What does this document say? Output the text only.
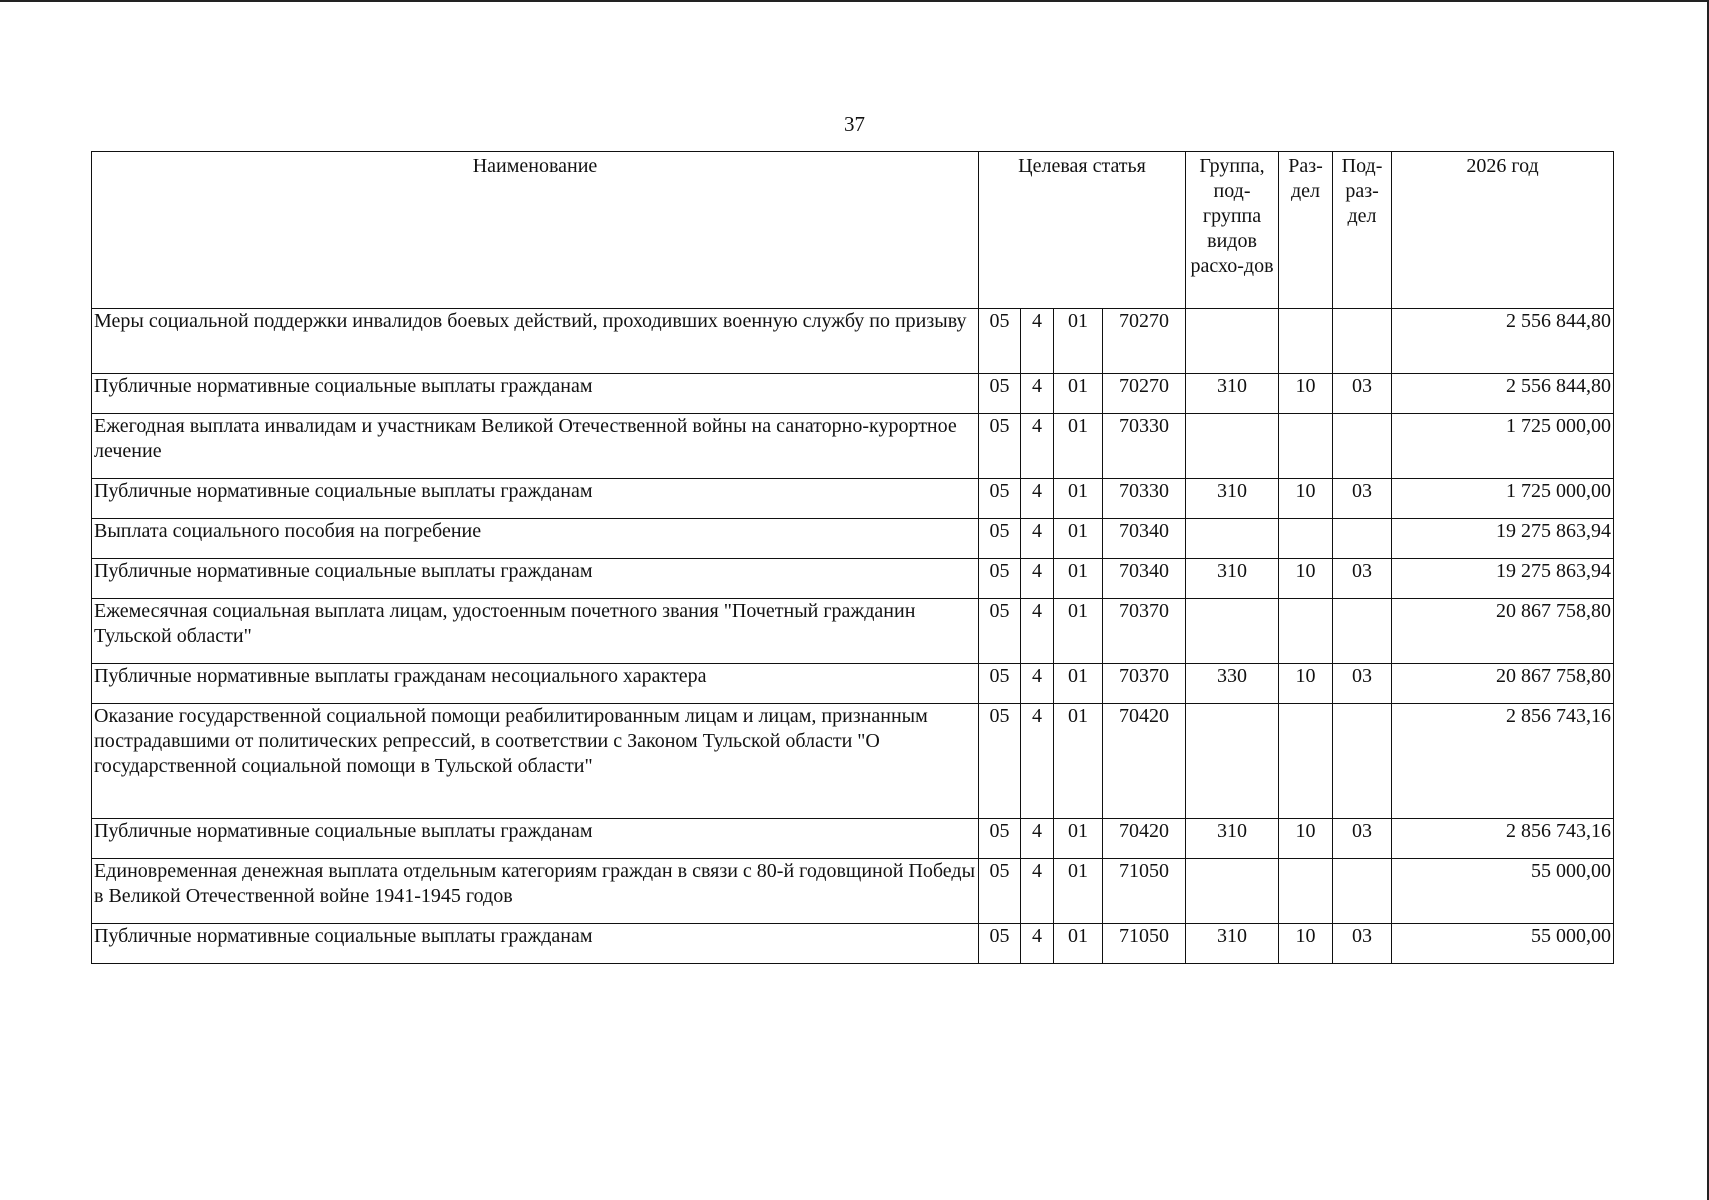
37
Наименование	Целевая статья				Группа, под-группа видов расхо-дов	Раз-дел	Под-раз-дел	2026 год
Меры социальной поддержки инвалидов боевых действий, проходивших военную службу по призыву	05	4	01	70270				2 556 844,80
Публичные нормативные социальные выплаты гражданам	05	4	01	70270	310	10	03	2 556 844,80
Ежегодная выплата инвалидам и участникам Великой Отечественной войны на санаторно-курортное лечение	05	4	01	70330				1 725 000,00
Публичные нормативные социальные выплаты гражданам	05	4	01	70330	310	10	03	1 725 000,00
Выплата социального пособия на погребение	05	4	01	70340				19 275 863,94
Публичные нормативные социальные выплаты гражданам	05	4	01	70340	310	10	03	19 275 863,94
Ежемесячная социальная выплата лицам, удостоенным почетного звания "Почетный гражданин Тульской области"	05	4	01	70370				20 867 758,80
Публичные нормативные выплаты гражданам несоциального характера	05	4	01	70370	330	10	03	20 867 758,80
Оказание государственной социальной помощи реабилитированным лицам и лицам, признанным пострадавшими от политических репрессий, в соответствии с Законом Тульской области "О государственной социальной помощи в Тульской области"	05	4	01	70420				2 856 743,16
Публичные нормативные социальные выплаты гражданам	05	4	01	70420	310	10	03	2 856 743,16
Единовременная денежная выплата отдельным категориям граждан в связи с 80-й годовщиной Победы в Великой Отечественной войне 1941-1945 годов	05	4	01	71050				55 000,00
Публичные нормативные социальные выплаты гражданам	05	4	01	71050	310	10	03	55 000,00
